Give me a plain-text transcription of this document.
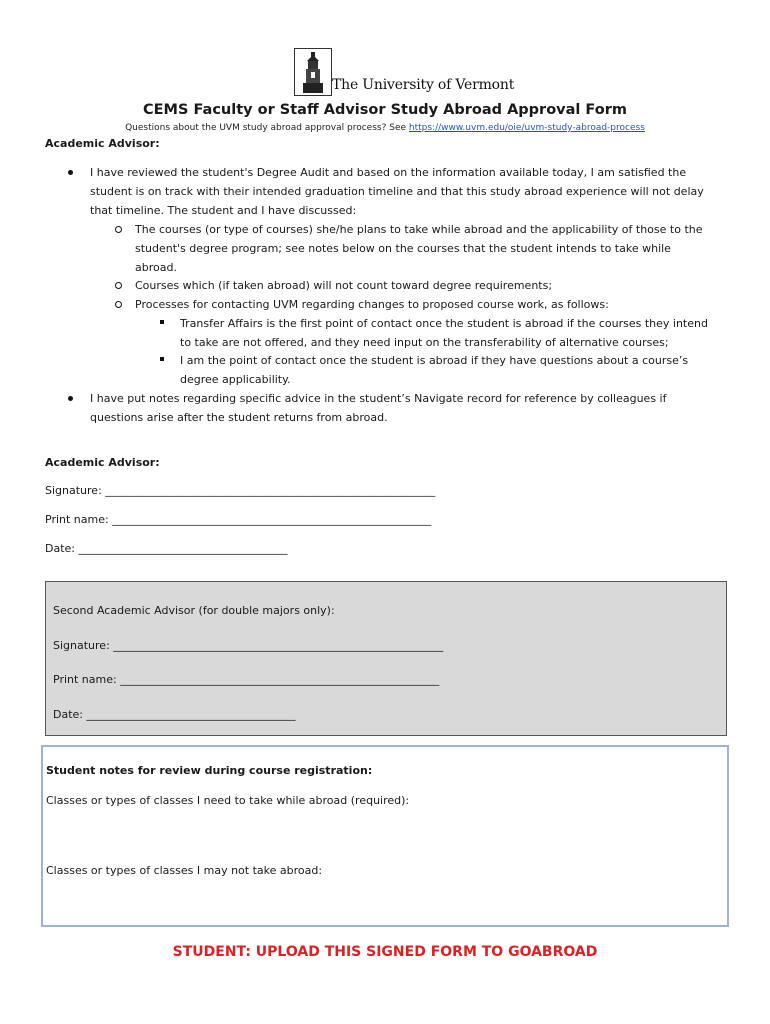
The University of Vermont
CEMS Faculty or Staff Advisor Study Abroad Approval Form
Questions about the UVM study abroad approval process? See https://www.uvm.edu/oie/uvm-study-abroad-process
Academic Advisor:
I have reviewed the student's Degree Audit and based on the information available today, I am satisfied the
student is on track with their intended graduation timeline and that this study abroad experience will not delay
that timeline. The student and I have discussed:
The courses (or type of courses) she/he plans to take while abroad and the applicability of those to the
student's degree program; see notes below on the courses that the student intends to take while
abroad.
Courses which (if taken abroad) will not count toward degree requirements;
Processes for contacting UVM regarding changes to proposed course work, as follows:
Transfer Affairs is the first point of contact once the student is abroad if the courses they intend
to take are not offered, and they need input on the transferability of alternative courses;
I am the point of contact once the student is abroad if they have questions about a course’s
degree applicability.
I have put notes regarding specific advice in the student’s Navigate record for reference by colleagues if
questions arise after the student returns from abroad.
Academic Advisor:
Signature: ____________________________________________________________
Print name: __________________________________________________________
Date: ______________________________________
Second Academic Advisor (for double majors only):
Signature: ____________________________________________________________
Print name: __________________________________________________________
Date: ______________________________________
Student notes for review during course registration:
Classes or types of classes I need to take while abroad (required):
Classes or types of classes I may not take abroad:
STUDENT: UPLOAD THIS SIGNED FORM TO GOABROAD
